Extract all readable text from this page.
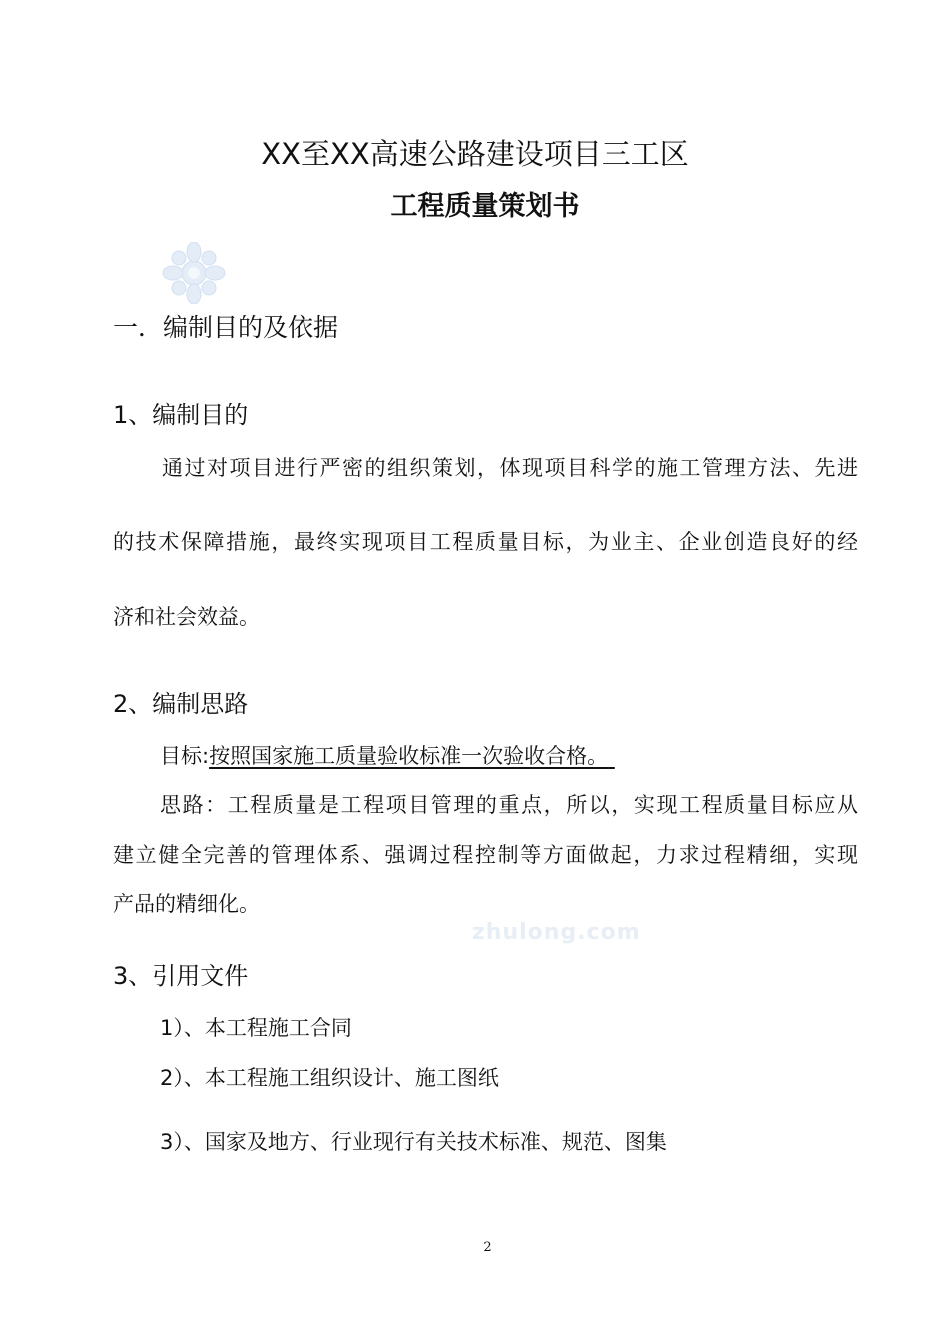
XX至XX高速公路建设项目三工区
工程质量策划书
一．编制目的及依据
1、编制目的
通过对项目进行严密的组织策划，体现项目科学的施工管理方法、先进
的技术保障措施，最终实现项目工程质量目标，为业主、企业创造良好的经
济和社会效益。
2、编制思路
目标:按照国家施工质量验收标准一次验收合格。
思路：工程质量是工程项目管理的重点，所以，实现工程质量目标应从
建立健全完善的管理体系、强调过程控制等方面做起，力求过程精细，实现
产品的精细化。
zhulong.com
3、引用文件
1）、本工程施工合同
2）、本工程施工组织设计、施工图纸
3）、国家及地方、行业现行有关技术标准、规范、图集
2
